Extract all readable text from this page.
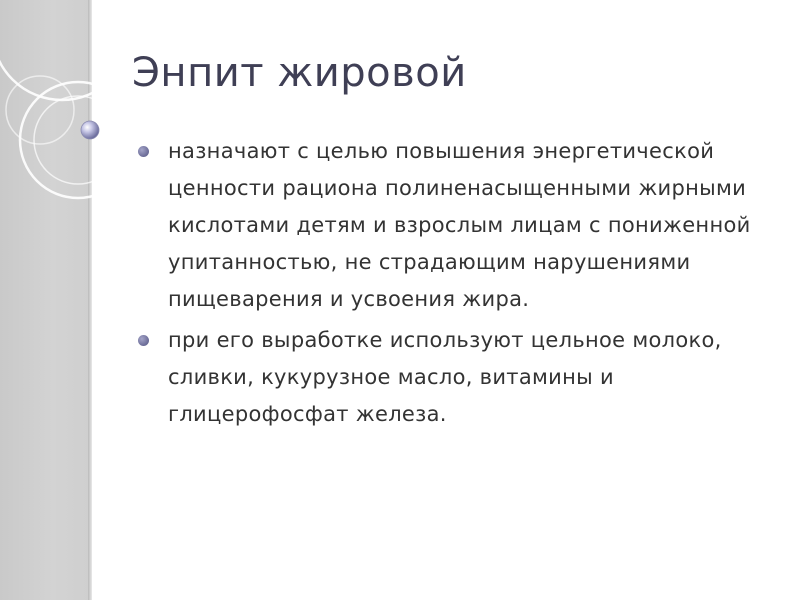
Энпит жировой
назначают с целью повышения энергетической ценности рациона полиненасыщенными жирными кислотами детям и взрослым лицам с пониженной упитанностью, не страдающим нарушениями пищеварения и усвоения жира.
при его выработке используют цельное молоко, сливки, кукурузное масло, витамины и глицерофосфат железа.
